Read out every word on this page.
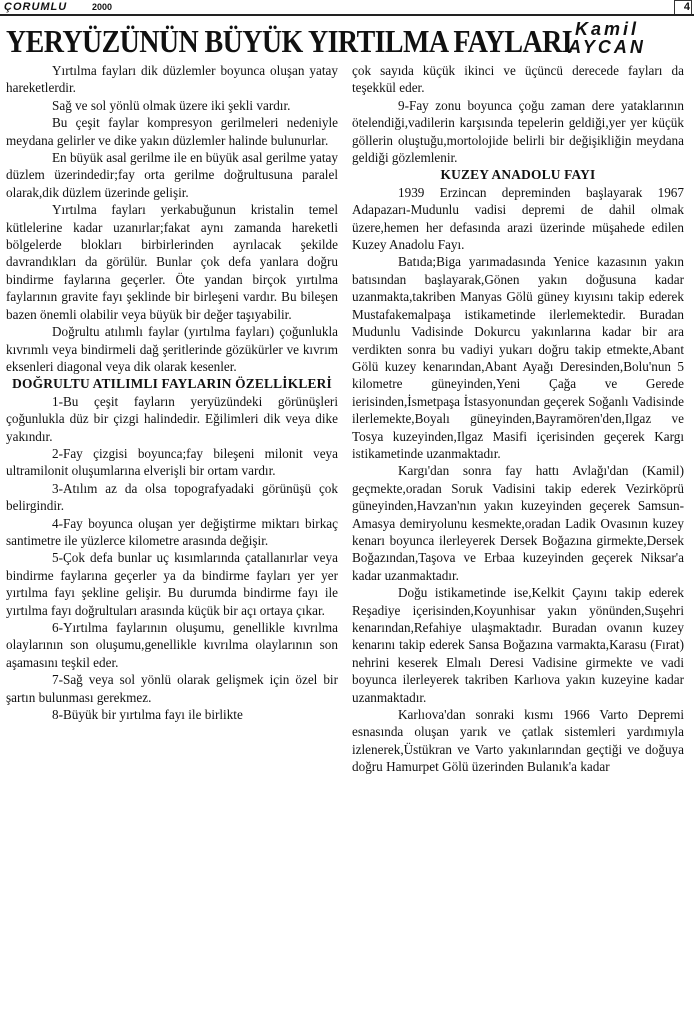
ÇORUMLU	2000	4
YERYÜZÜNÜN BÜYÜK YIRTILMA FAYLARI Kamil
AYCAN

Yırtılma fayları dik düzlemler boyunca oluşan yatay hareketlerdir.

Sağ ve sol yönlü olmak üzere iki şekli vardır.

Bu çeşit faylar kompresyon gerilmeleri nedeniyle meydana gelirler ve dike yakın düzlemler halinde bulunurlar.

En büyük asal gerilme ile en büyük asal gerilme yatay düzlem üzerindedir;fay orta gerilme doğrultusuna paralel olarak,dik düzlem üzerinde gelişir.

Yırtılma fayları yerkabuğunun kristalin temel kütlelerine kadar uzanırlar;fakat aynı zamanda hareketli bölgelerde blokları birbirlerinden ayrılacak şekilde davrandıkları da görülür. Bunlar çok defa yanlara doğru bindirme faylarına geçerler. Öte yandan birçok yırtılma faylarının gravite fayı şeklinde bir birleşeni vardır. Bu bileşen bazen önemli olabilir veya büyük bir değer taşıyabilir.

Doğrultu atılımlı faylar (yırtılma fayları) çoğunlukla kıvrımlı veya bindirmeli dağ şeritlerinde gözükürler ve kıvrım eksenleri diagonal veya dik olarak kesenler.

DOĞRULTU ATILIMLI FAYLARIN ÖZELLİKLERİ

1-Bu çeşit fayların yeryüzündeki görünüşleri çoğunlukla düz bir çizgi halindedir. Eğilimleri dik veya dike yakındır.

2-Fay çizgisi boyunca;fay bileşeni milonit veya ultramilonit oluşumlarına elverişli bir ortam vardır.

3-Atılım az da olsa topografyadaki görünüşü çok belirgindir.

4-Fay boyunca oluşan yer değiştirme miktarı birkaç santimetre ile yüzlerce kilometre arasında değişir.

5-Çok defa bunlar uç kısımlarında çatallanırlar veya bindirme faylarına geçerler ya da bindirme fayları yer yer yırtılma fayı şekline gelişir. Bu durumda bindirme fayı ile yırtılma fayı doğrultuları arasında küçük bir açı ortaya çıkar.

6-Yırtılma faylarının oluşumu, genellikle kıvrılma olaylarının son oluşumu,genellikle kıvrılma olaylarının son aşamasını teşkil eder.

7-Sağ veya sol yönlü olarak gelişmek için özel bir şartın bulunması gerekmez.

8-Büyük bir yırtılma fayı ile birlikte

çok sayıda küçük ikinci ve üçüncü derecede fayları da teşekkül eder.

9-Fay zonu boyunca çoğu zaman dere yataklarının ötelendiği,vadilerin karşısında tepelerin geldiği,yer yer küçük göllerin oluştuğu,mortolojide belirli bir değişikliğin meydana geldiği gözlemlenir.

KUZEY ANADOLU FAYI

1939 Erzincan depreminden başlayarak 1967 Adapazarı-Mudunlu vadisi depremi de dahil olmak üzere,hemen her defasında arazi üzerinde müşahede edilen Kuzey Anadolu Fayı.

Batıda;Biga yarımadasında Yenice kazasının yakın batısından başlayarak,Gönen yakın doğusuna kadar uzanmakta,takriben Manyas Gölü güney kıyısını takip ederek Mustafakemalpaşa istikametinde ilerlemektedir. Buradan Mudunlu Vadisinde Dokurcu yakınlarına kadar bir ara verdikten sonra bu vadiyi yukarı doğru takip etmekte,Abant Gölü kuzey kenarından,Abant Ayağı Deresinden,Bolu'nun 5 kilometre güneyinden,Yeni Çağa ve Gerede ierisinden,İsmetpaşa İstasyonundan geçerek Soğanlı Vadisinde ilerlemekte,Boyalı güneyinden,Bayramören'den,Ilgaz ve Tosya kuzeyinden,Ilgaz Masifi içerisinden geçerek Kargı istikametinde uzanmaktadır.

Kargı'dan sonra fay hattı Avlağı'dan (Kamil) geçmekte,oradan Soruk Vadisini takip ederek Vezirköprü güneyinden,Havzan'nın yakın kuzeyinden geçerek Samsun-Amasya demiryolunu kesmekte,oradan Ladik Ovasının kuzey kenarı boyunca ilerleyerek Dersek Boğazına girmekte,Dersek Boğazından,Taşova ve Erbaa kuzeyinden geçerek Niksar'a kadar uzanmaktadır.

Doğu istikametinde ise,Kelkit Çayını takip ederek Reşadiye içerisinden,Koyunhisar yakın yönünden,Suşehri kenarından,Refahiye ulaşmaktadır. Buradan ovanın kuzey kenarını takip ederek Sansa Boğazına varmakta,Karasu (Fırat) nehrini keserek Elmalı Deresi Vadisine girmekte ve vadi boyunca ilerleyerek takriben Karlıova yakın kuzeyine kadar uzanmaktadır.

Karlıova'dan sonraki kısmı 1966 Varto Depremi esnasında oluşan yarık ve çatlak sistemleri yardımıyla izlenerek,Üstükran ve Varto yakınlarından geçtiği ve doğuya doğru Hamurpet Gölü üzerinden Bulanık'a kadar
